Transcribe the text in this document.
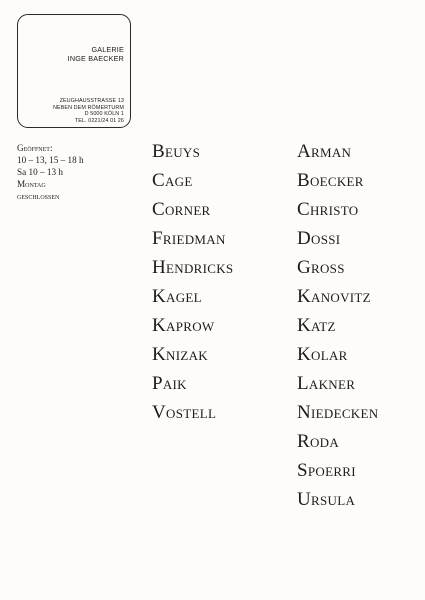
GALERIE
INGE BAECKER
ZEUGHAUSSTRASSE 13
NEBEN DEM RÖMERTURM
D 5000 KÖLN 1
TEL. 0221/24 01 26
Geöffnet:
10 – 13, 15 – 18 h
Sa 10 – 13 h
Montag
geschlossen
Beuys
Cage
Corner
Friedman
Hendricks
Kagel
Kaprow
Knizak
Paik
Vostell
Arman
Boecker
Christo
Dossi
Gross
Kanovitz
Katz
Kolar
Lakner
Niedecken
Roda
Spoerri
Ursula
